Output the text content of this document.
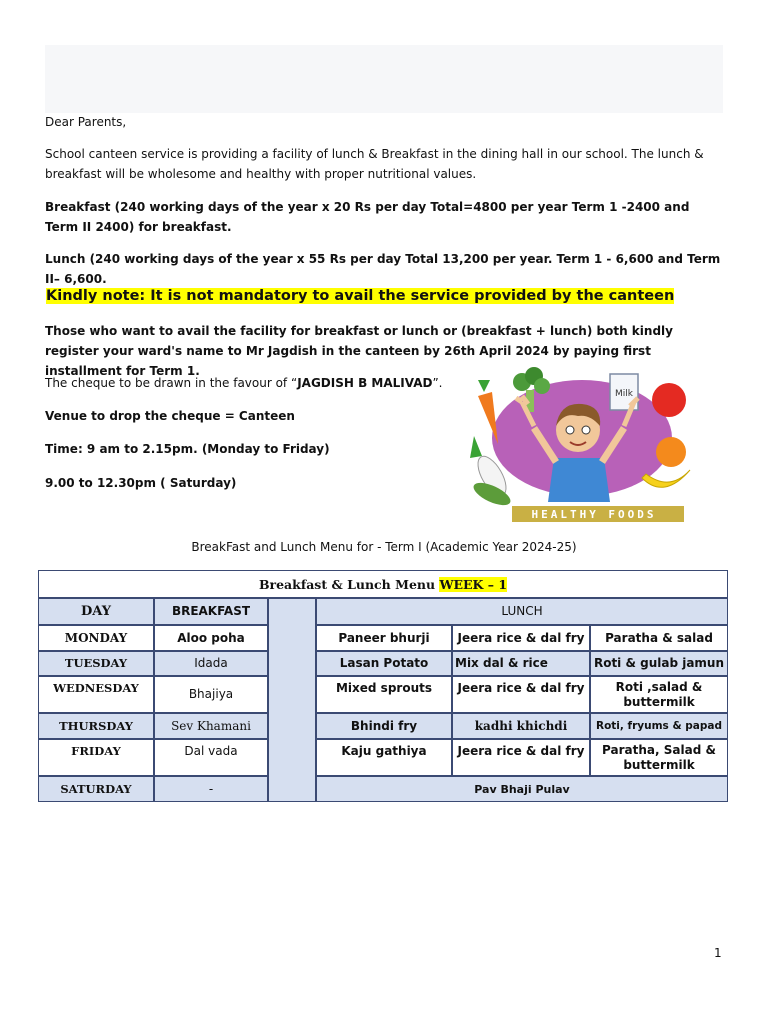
Dear Parents,

School canteen service is providing a facility of lunch & Breakfast in the dining hall in our school. The lunch & breakfast will be wholesome and healthy with proper nutritional values.

Breakfast (240 working days of the year x 20 Rs per day Total=4800 per year Term 1 -2400 and Term II 2400) for breakfast.

Lunch (240 working days of the year x 55 Rs per day Total 13,200 per year. Term 1 - 6,600 and Term II– 6,600.

Kindly note: It is not mandatory to avail the service provided by the canteen

Those who want to avail the facility for breakfast or lunch or (breakfast + lunch) both kindly register your ward's name to Mr Jagdish in the canteen by 26th April 2024 by paying first installment for Term 1.

The cheque to be drawn in the favour of “JAGDISH B MALIVAD”.
Venue to drop the cheque = Canteen
Time: 9 am to 2.15pm. (Monday to Friday)
9.00 to 12.30pm ( Saturday)
Milk
HEALTHY FOODS
BreakFast and Lunch Menu for - Term I (Academic Year 2024-25)
Breakfast & Lunch Menu
WEEK – 1
DAY	BREAKFAST	LUNCH
MONDAY	Aloo poha	Paneer bhurji	Jeera rice & dal fry	Paratha & salad
TUESDAY	Idada	Lasan Potato	Mix dal & rice	Roti & gulab jamun
WEDNESDAY	Bhajiya	Mixed sprouts	Jeera rice & dal fry	Roti ,salad & buttermilk
THURSDAY	Sev Khamani	Bhindi fry	kadhi khichdi	Roti, fryums & papad
FRIDAY	Dal vada	Kaju gathiya	Jeera rice & dal fry	Paratha, Salad & buttermilk
SATURDAY	-	Pav Bhaji Pulav
1
